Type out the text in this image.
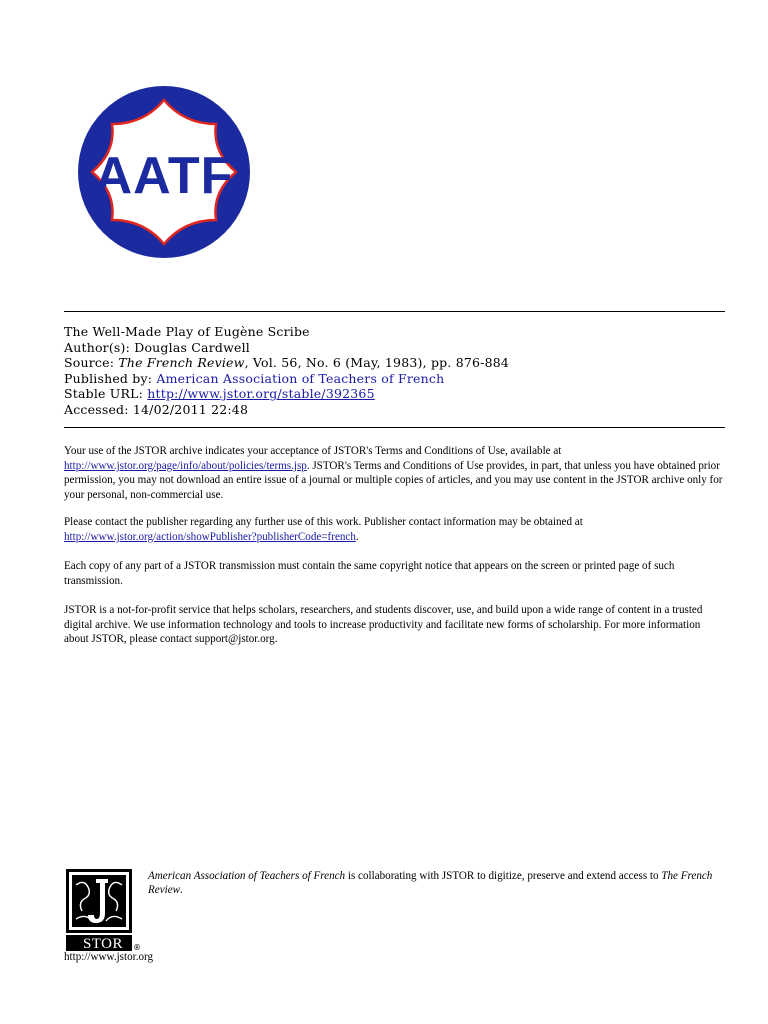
AATF
The Well-Made Play of Eugène Scribe
Author(s): Douglas Cardwell
Source: The French Review, Vol. 56, No. 6 (May, 1983), pp. 876-884
Published by: American Association of Teachers of French
Stable URL: http://www.jstor.org/stable/392365
Accessed: 14/02/2011 22:48

Your use of the JSTOR archive indicates your acceptance of JSTOR's Terms and Conditions of Use, available at
http://www.jstor.org/page/info/about/policies/terms.jsp. JSTOR's Terms and Conditions of Use provides, in part, that unless you have obtained prior permission, you may not download an entire issue of a journal or multiple copies of articles, and you may use content in the JSTOR archive only for your personal, non-commercial use.

Please contact the publisher regarding any further use of this work. Publisher contact information may be obtained at
http://www.jstor.org/action/showPublisher?publisherCode=french.

Each copy of any part of a JSTOR transmission must contain the same copyright notice that appears on the screen or printed page of such transmission.

JSTOR is a not-for-profit service that helps scholars, researchers, and students discover, use, and build upon a wide range of content in a trusted digital archive. We use information technology and tools to increase productivity and facilitate new forms of scholarship. For more information about JSTOR, please contact support@jstor.org.

STOR ®
American Association of Teachers of French is collaborating with JSTOR to digitize, preserve and extend access to The French Review.
http://www.jstor.org
